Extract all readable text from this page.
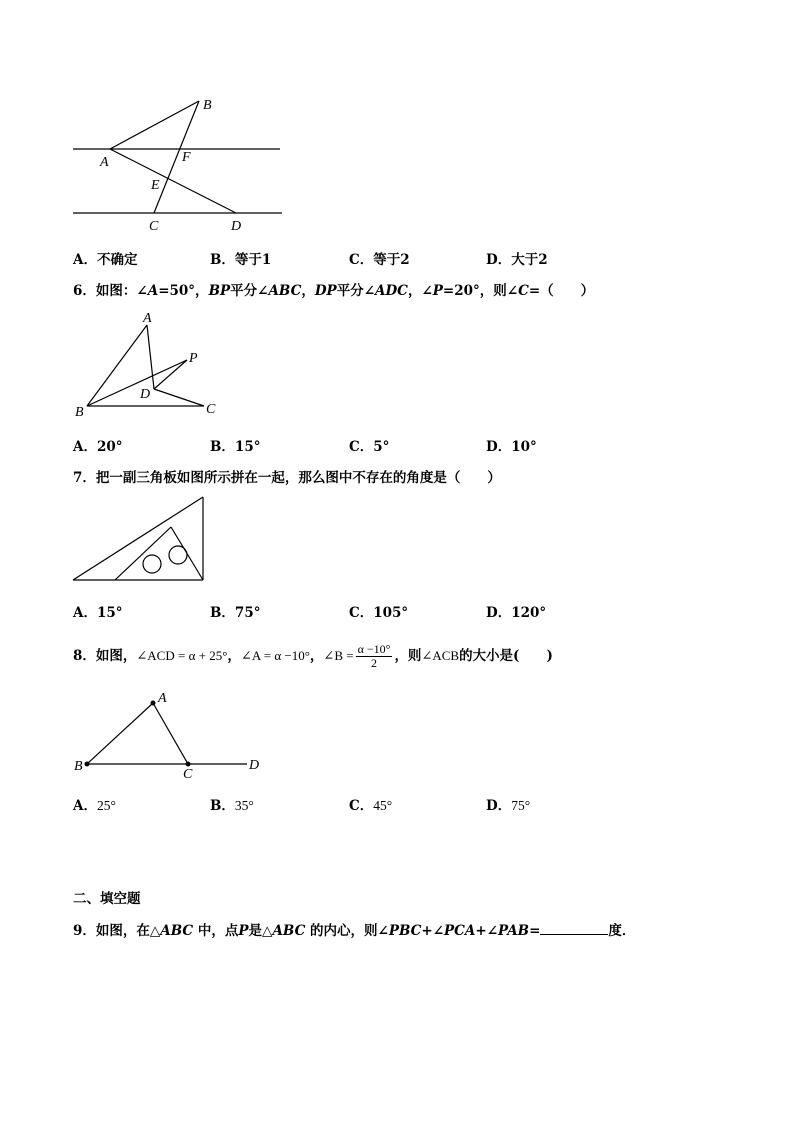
B
A	F
E
C	D
A．不确定	B．等于1	C．等于2	D．大于2
6．如图：∠A=50°，BP平分∠ABC，DP平分∠ADC，∠P=20°，则∠C=（　　）
A
P
D
B	C
A．20°	B．15°	C．5°	D．10°
7．把一副三角板如图所示拼在一起，那么图中不存在的角度是（　　）
A．15°	B．75°	C．105°	D．120°
8．如图，∠ACD = α + 25°，∠A = α −10°，∠B = $\frac{\alpha -10^\circ}{2}$ ，则∠ACB的大小是(　　)
A
B
C
D
A．25°	B．35°	C．45°	D．75°
二、填空题
9．如图，在△ABC 中，点P是△ABC 的内心，则∠PBC+∠PCA+∠PAB=	度．
